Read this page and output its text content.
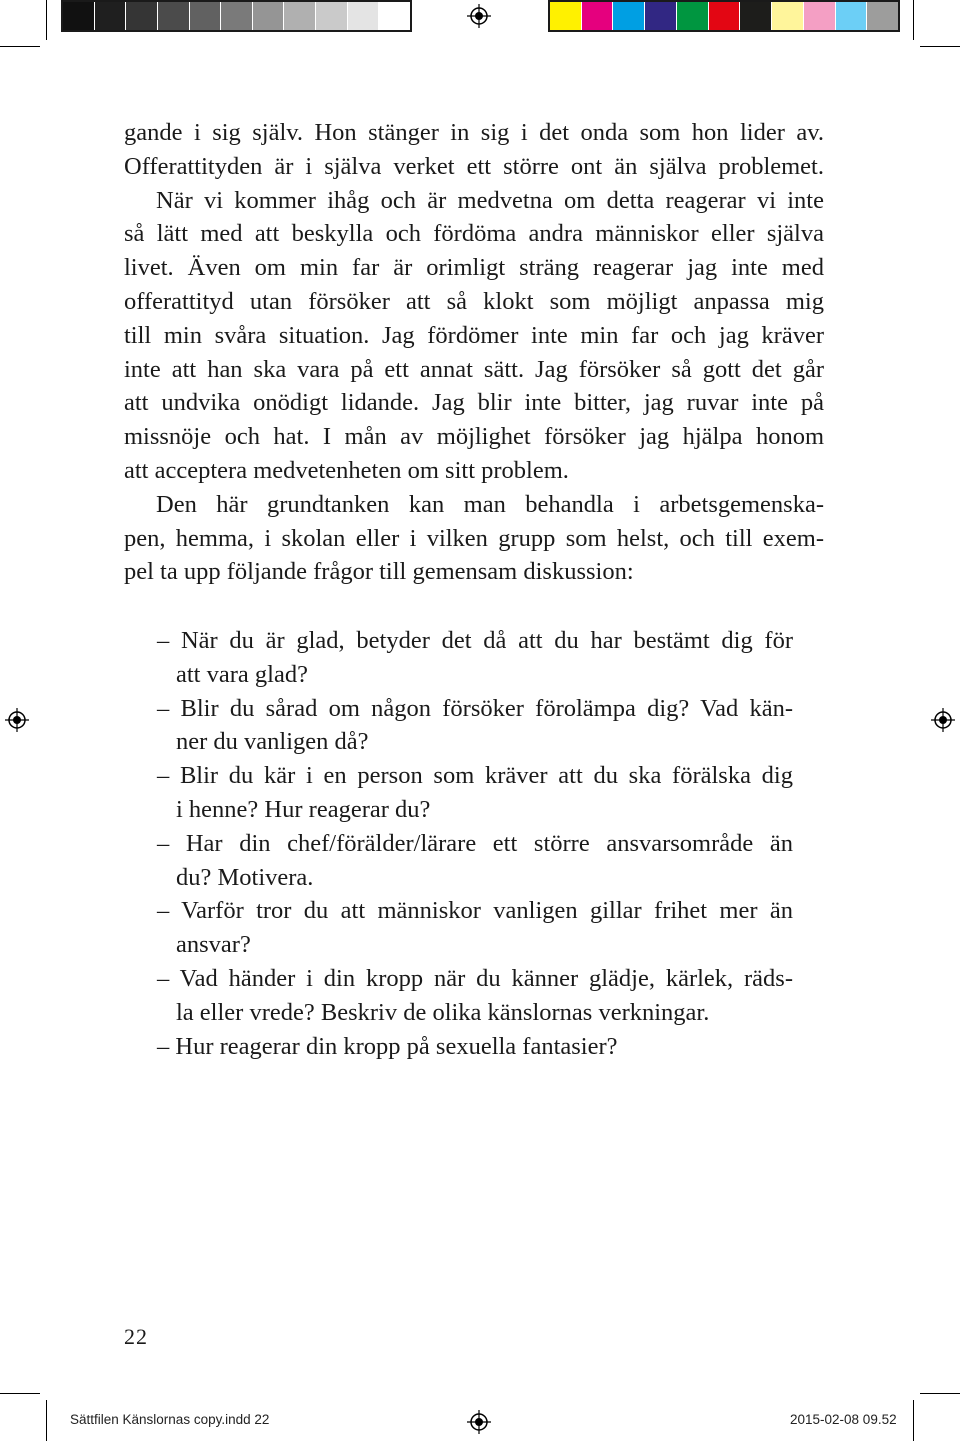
gande i sig själv. Hon stänger in sig i det onda som hon lider av.
Offerattityden är i själva verket ett större ont än själva problemet.
När vi kommer ihåg och är medvetna om detta reagerar vi inte
så lätt med att beskylla och fördöma andra människor eller själva
livet. Även om min far är orimligt sträng reagerar jag inte med
offerattityd utan försöker att så klokt som möjligt anpassa mig
till min svåra situation. Jag fördömer inte min far och jag kräver
inte att han ska vara på ett annat sätt. Jag försöker så gott det går
att undvika onödigt lidande. Jag blir inte bitter, jag ruvar inte på
missnöje och hat. I mån av möjlighet försöker jag hjälpa honom
att acceptera medvetenheten om sitt problem.
Den här grundtanken kan man behandla i arbetsgemenska-
pen, hemma, i skolan eller i vilken grupp som helst, och till exem-
pel ta upp följande frågor till gemensam diskussion:
– När du är glad, betyder det då att du har bestämt dig för
att vara glad?
– Blir du sårad om någon försöker förolämpa dig? Vad kän-
ner du vanligen då?
– Blir du kär i en person som kräver att du ska förälska dig
i henne? Hur reagerar du?
– Har din chef/förälder/lärare ett större ansvarsområde än
du? Motivera.
– Varför tror du att människor vanligen gillar frihet mer än
ansvar?
– Vad händer i din kropp när du känner glädje, kärlek, räds-
la eller vrede? Beskriv de olika känslornas verkningar.
– Hur reagerar din kropp på sexuella fantasier?
22
Sättfilen Känslornas copy.indd 22	2015-02-08 09.52
